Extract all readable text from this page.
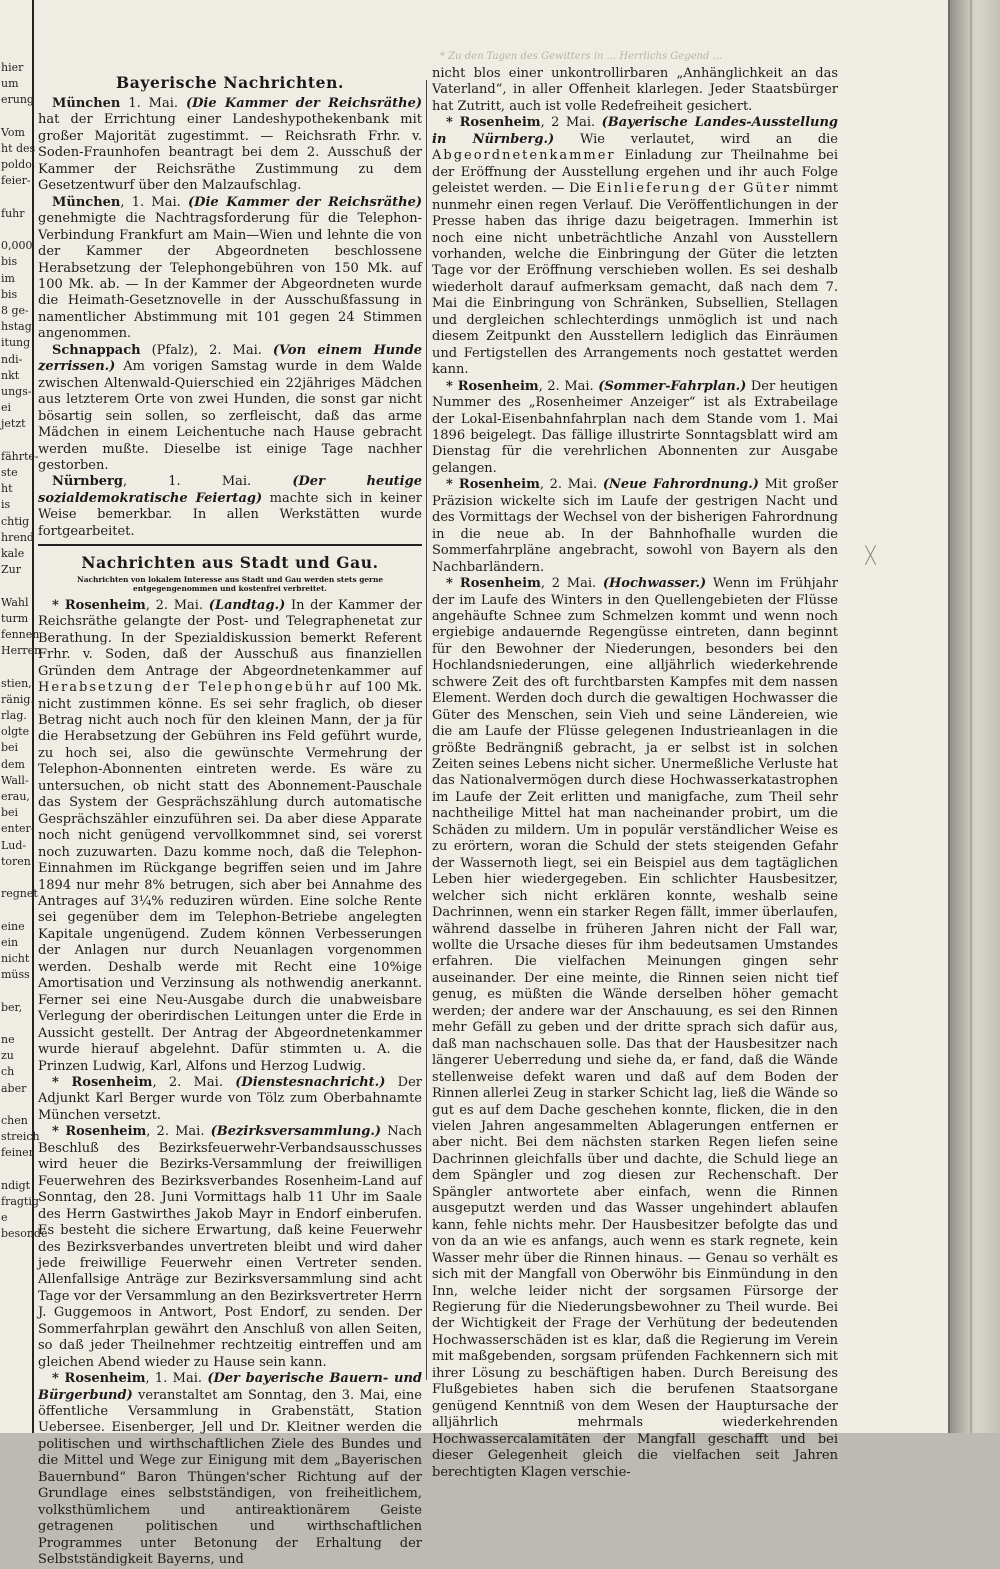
hier
um
erung
Vom
ht des
poldo,
feier-
fuhr
0,000
bis
im
bis
8 ge-
hstag
itung
ndi-
nkt
ungs-
ei
jetzt
fährte-
ste
ht
is
chtig
hrend
kale
Zur
Wahl
turm
fennen
Herren
stien,
ränig.
rlag.
olgte
bei
dem
Wall-
erau,
bei
enter-
Lud-
toren
regnet
eine
ein
nicht
müss
ber,
ne
zu
ch
aber
chen
streich
feiner
ndigt
fragtig
e
besonde
* Zu den Tagen des Gewitters in ... Herrlichs Gegend ...
Bayerische Nachrichten.

München 1. Mai. (Die Kammer der Reichsräthe) hat der Errichtung einer Landeshypothekenbank mit großer Majorität zugestimmt. — Reichsrath Frhr. v. Soden-Fraunhofen beantragt bei dem 2. Ausschuß der Kammer der Reichsräthe Zustimmung zu dem Gesetzentwurf über den Malzaufschlag.

München, 1. Mai. (Die Kammer der Reichsräthe) genehmigte die Nachtragsforderung für die Telephon-Verbindung Frankfurt am Main—Wien und lehnte die von der Kammer der Abgeordneten beschlossene Herabsetzung der Telephongebühren von 150 Mk. auf 100 Mk. ab. — In der Kammer der Abgeordneten wurde die Heimath-Gesetznovelle in der Ausschußfassung in namentlicher Abstimmung mit 101 gegen 24 Stimmen angenommen.

Schnappach (Pfalz), 2. Mai. (Von einem Hunde zerrissen.) Am vorigen Samstag wurde in dem Walde zwischen Altenwald-Quierschied ein 22jähriges Mädchen aus letzterem Orte von zwei Hunden, die sonst gar nicht bösartig sein sollen, so zerfleischt, daß das arme Mädchen in einem Leichentuche nach Hause gebracht werden mußte. Dieselbe ist einige Tage nachher gestorben.

Nürnberg, 1. Mai. (Der heutige sozialdemokratische Feiertag) machte sich in keiner Weise bemerkbar. In allen Werkstätten wurde fortgearbeitet.

Nachrichten aus Stadt und Gau.
Nachrichten von lokalem Interesse aus Stadt und Gau werden stets gerne entgegengenommen und kostenfrei verbreitet.

* Rosenheim, 2. Mai. (Landtag.) In der Kammer der Reichsräthe gelangte der Post- und Telegraphenetat zur Berathung. In der Spezialdiskussion bemerkt Referent Frhr. v. Soden, daß der Ausschuß aus finanziellen Gründen dem Antrage der Abgeordnetenkammer auf Herabsetzung der Telephongebühr auf 100 Mk. nicht zustimmen könne. Es sei sehr fraglich, ob dieser Betrag nicht auch noch für den kleinen Mann, der ja für die Herabsetzung der Gebühren ins Feld geführt wurde, zu hoch sei, also die gewünschte Vermehrung der Telephon-Abonnenten eintreten werde. Es wäre zu untersuchen, ob nicht statt des Abonnement-Pauschale das System der Gesprächszählung durch automatische Gesprächszähler einzuführen sei. Da aber diese Apparate noch nicht genügend vervollkommnet sind, sei vorerst noch zuzuwarten. Dazu komme noch, daß die Telephon-Einnahmen im Rückgange begriffen seien und im Jahre 1894 nur mehr 8% betrugen, sich aber bei Annahme des Antrages auf 3¼% reduziren würden. Eine solche Rente sei gegenüber dem im Telephon-Betriebe angelegten Kapitale ungenügend. Zudem können Verbesserungen der Anlagen nur durch Neuanlagen vorgenommen werden. Deshalb werde mit Recht eine 10%ige Amortisation und Verzinsung als nothwendig anerkannt. Ferner sei eine Neu-Ausgabe durch die unabweisbare Verlegung der oberirdischen Leitungen unter die Erde in Aussicht gestellt. Der Antrag der Abgeordnetenkammer wurde hierauf abgelehnt. Dafür stimmten u. A. die Prinzen Ludwig, Karl, Alfons und Herzog Ludwig.

* Rosenheim, 2. Mai. (Dienstesnachricht.) Der Adjunkt Karl Berger wurde von Tölz zum Oberbahnamte München versetzt.

* Rosenheim, 2. Mai. (Bezirksversammlung.) Nach Beschluß des Bezirksfeuerwehr-Verbandsausschusses wird heuer die Bezirks-Versammlung der freiwilligen Feuerwehren des Bezirksverbandes Rosenheim-Land auf Sonntag, den 28. Juni Vormittags halb 11 Uhr im Saale des Herrn Gastwirthes Jakob Mayr in Endorf einberufen. Es besteht die sichere Erwartung, daß keine Feuerwehr des Bezirksverbandes unvertreten bleibt und wird daher jede freiwillige Feuerwehr einen Vertreter senden. Allenfallsige Anträge zur Bezirksversammlung sind acht Tage vor der Versammlung an den Bezirksvertreter Herrn J. Guggemoos in Antwort, Post Endorf, zu senden. Der Sommerfahrplan gewährt den Anschluß von allen Seiten, so daß jeder Theilnehmer rechtzeitig eintreffen und am gleichen Abend wieder zu Hause sein kann.

* Rosenheim, 1. Mai. (Der bayerische Bauern- und Bürgerbund) veranstaltet am Sonntag, den 3. Mai, eine öffentliche Versammlung in Grabenstätt, Station Uebersee. Eisenberger, Jell und Dr. Kleitner werden die politischen und wirthschaftlichen Ziele des Bundes und die Mittel und Wege zur Einigung mit dem „Bayerischen Bauernbund“ Baron Thüngen'scher Richtung auf der Grundlage eines selbstständigen, von freiheitlichem, volksthümlichem und antireaktionärem Geiste getragenen politischen und wirthschaftlichen Programmes unter Betonung der Erhaltung der Selbstständigkeit Bayerns, und

nicht blos einer unkontrollirbaren „Anhänglichkeit an das Vaterland“, in aller Offenheit klarlegen. Jeder Staatsbürger hat Zutritt, auch ist volle Redefreiheit gesichert.

* Rosenheim, 2 Mai. (Bayerische Landes-Ausstellung in Nürnberg.) Wie verlautet, wird an die Abgeordnetenkammer Einladung zur Theilnahme bei der Eröffnung der Ausstellung ergehen und ihr auch Folge geleistet werden. — Die Einlieferung der Güter nimmt nunmehr einen regen Verlauf. Die Veröffentlichungen in der Presse haben das ihrige dazu beigetragen. Immerhin ist noch eine nicht unbeträchtliche Anzahl von Ausstellern vorhanden, welche die Einbringung der Güter die letzten Tage vor der Eröffnung verschieben wollen. Es sei deshalb wiederholt darauf aufmerksam gemacht, daß nach dem 7. Mai die Einbringung von Schränken, Subsellien, Stellagen und dergleichen schlechterdings unmöglich ist und nach diesem Zeitpunkt den Ausstellern lediglich das Einräumen und Fertigstellen des Arrangements noch gestattet werden kann.

* Rosenheim, 2. Mai. (Sommer-Fahrplan.) Der heutigen Nummer des „Rosenheimer Anzeiger“ ist als Extrabeilage der Lokal-Eisenbahnfahrplan nach dem Stande vom 1. Mai 1896 beigelegt. Das fällige illustrirte Sonntagsblatt wird am Dienstag für die verehrlichen Abonnenten zur Ausgabe gelangen.

* Rosenheim, 2. Mai. (Neue Fahrordnung.) Mit großer Präzision wickelte sich im Laufe der gestrigen Nacht und des Vormittags der Wechsel von der bisherigen Fahrordnung in die neue ab. In der Bahnhofhalle wurden die Sommerfahrpläne angebracht, sowohl von Bayern als den Nachbarländern.

* Rosenheim, 2 Mai. (Hochwasser.) Wenn im Frühjahr der im Laufe des Winters in den Quellengebieten der Flüsse angehäufte Schnee zum Schmelzen kommt und wenn noch ergiebige andauernde Regengüsse eintreten, dann beginnt für den Bewohner der Niederungen, besonders bei den Hochlandsniederungen, eine alljährlich wiederkehrende schwere Zeit des oft furchtbarsten Kampfes mit dem nassen Element. Werden doch durch die gewaltigen Hochwasser die Güter des Menschen, sein Vieh und seine Ländereien, wie die am Laufe der Flüsse gelegenen Industrieanlagen in die größte Bedrängniß gebracht, ja er selbst ist in solchen Zeiten seines Lebens nicht sicher. Unermeßliche Verluste hat das Nationalvermögen durch diese Hochwasserkatastrophen im Laufe der Zeit erlitten und manigfache, zum Theil sehr nachtheilige Mittel hat man nacheinander probirt, um die Schäden zu mildern. Um in populär verständlicher Weise es zu erörtern, woran die Schuld der stets steigenden Gefahr der Wassernoth liegt, sei ein Beispiel aus dem tagtäglichen Leben hier wiedergegeben. Ein schlichter Hausbesitzer, welcher sich nicht erklären konnte, weshalb seine Dachrinnen, wenn ein starker Regen fällt, immer überlaufen, während dasselbe in früheren Jahren nicht der Fall war, wollte die Ursache dieses für ihm bedeutsamen Umstandes erfahren. Die vielfachen Meinungen gingen sehr auseinander. Der eine meinte, die Rinnen seien nicht tief genug, es müßten die Wände derselben höher gemacht werden; der andere war der Anschauung, es sei den Rinnen mehr Gefäll zu geben und der dritte sprach sich dafür aus, daß man nachschauen solle. Das that der Hausbesitzer nach längerer Ueberredung und siehe da, er fand, daß die Wände stellenweise defekt waren und daß auf dem Boden der Rinnen allerlei Zeug in starker Schicht lag, ließ die Wände so gut es auf dem Dache geschehen konnte, flicken, die in den vielen Jahren angesammelten Ablagerungen entfernen er aber nicht. Bei dem nächsten starken Regen liefen seine Dachrinnen gleichfalls über und dachte, die Schuld liege an dem Spängler und zog diesen zur Rechenschaft. Der Spängler antwortete aber einfach, wenn die Rinnen ausgeputzt werden und das Wasser ungehindert ablaufen kann, fehle nichts mehr. Der Hausbesitzer befolgte das und von da an wie es anfangs, auch wenn es stark regnete, kein Wasser mehr über die Rinnen hinaus. — Genau so verhält es sich mit der Mangfall von Oberwöhr bis Einmündung in den Inn, welche leider nicht der sorgsamen Fürsorge der Regierung für die Niederungsbewohner zu Theil wurde. Bei der Wichtigkeit der Frage der Verhütung der bedeutenden Hochwasserschäden ist es klar, daß die Regierung im Verein mit maßgebenden, sorgsam prüfenden Fachkennern sich mit ihrer Lösung zu beschäftigen haben. Durch Bereisung des Flußgebietes haben sich die berufenen Staatsorgane genügend Kenntniß von dem Wesen der Hauptursache der alljährlich mehrmals wiederkehrenden Hochwassercalamitäten der Mangfall geschafft und bei dieser Gelegenheit gleich die vielfachen seit Jahren berechtigten Klagen verschie-
